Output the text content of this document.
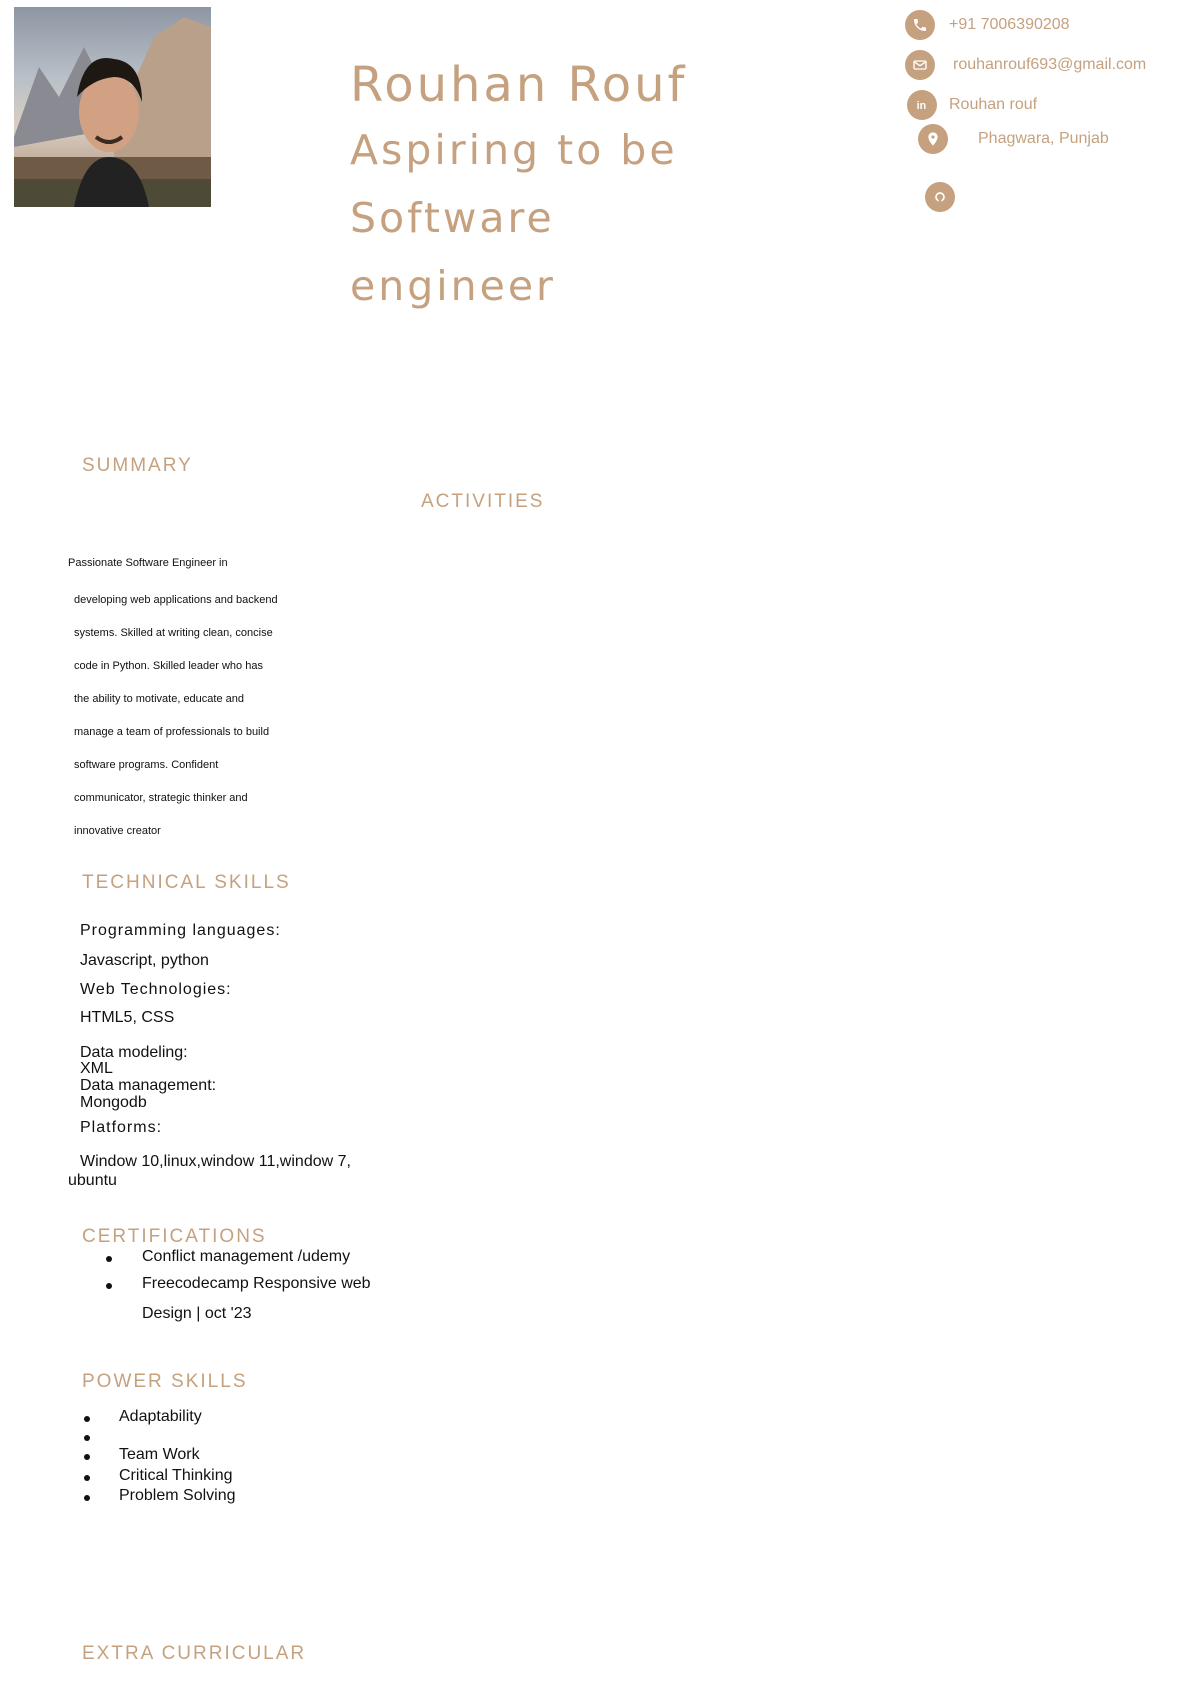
Rouhan Rouf
Aspiring to be
Software
engineer
+91 7006390208
rouhanrouf693@gmail.com
in Rouhan rouf
Phagwara, Punjab
SUMMARY
ACTIVITIES
Passionate Software Engineer in
developing web applications and backend
systems. Skilled at writing clean, concise
code in Python. Skilled leader who has
the ability to motivate, educate and
manage a team of professionals to build
software programs. Confident
communicator, strategic thinker and
innovative creator
TECHNICAL SKILLS
Programming languages:
Javascript, python
Web Technologies:
HTML5, CSS
Data modeling:
XML
Data management:
Mongodb
Platforms:
Window 10,linux,window 11,window 7,
ubuntu
CERTIFICATIONS
Conflict management /udemy
Freecodecamp Responsive web
Design | oct '23
POWER SKILLS
Adaptability
Team Work
Critical Thinking
Problem Solving
EXTRA CURRICULAR
